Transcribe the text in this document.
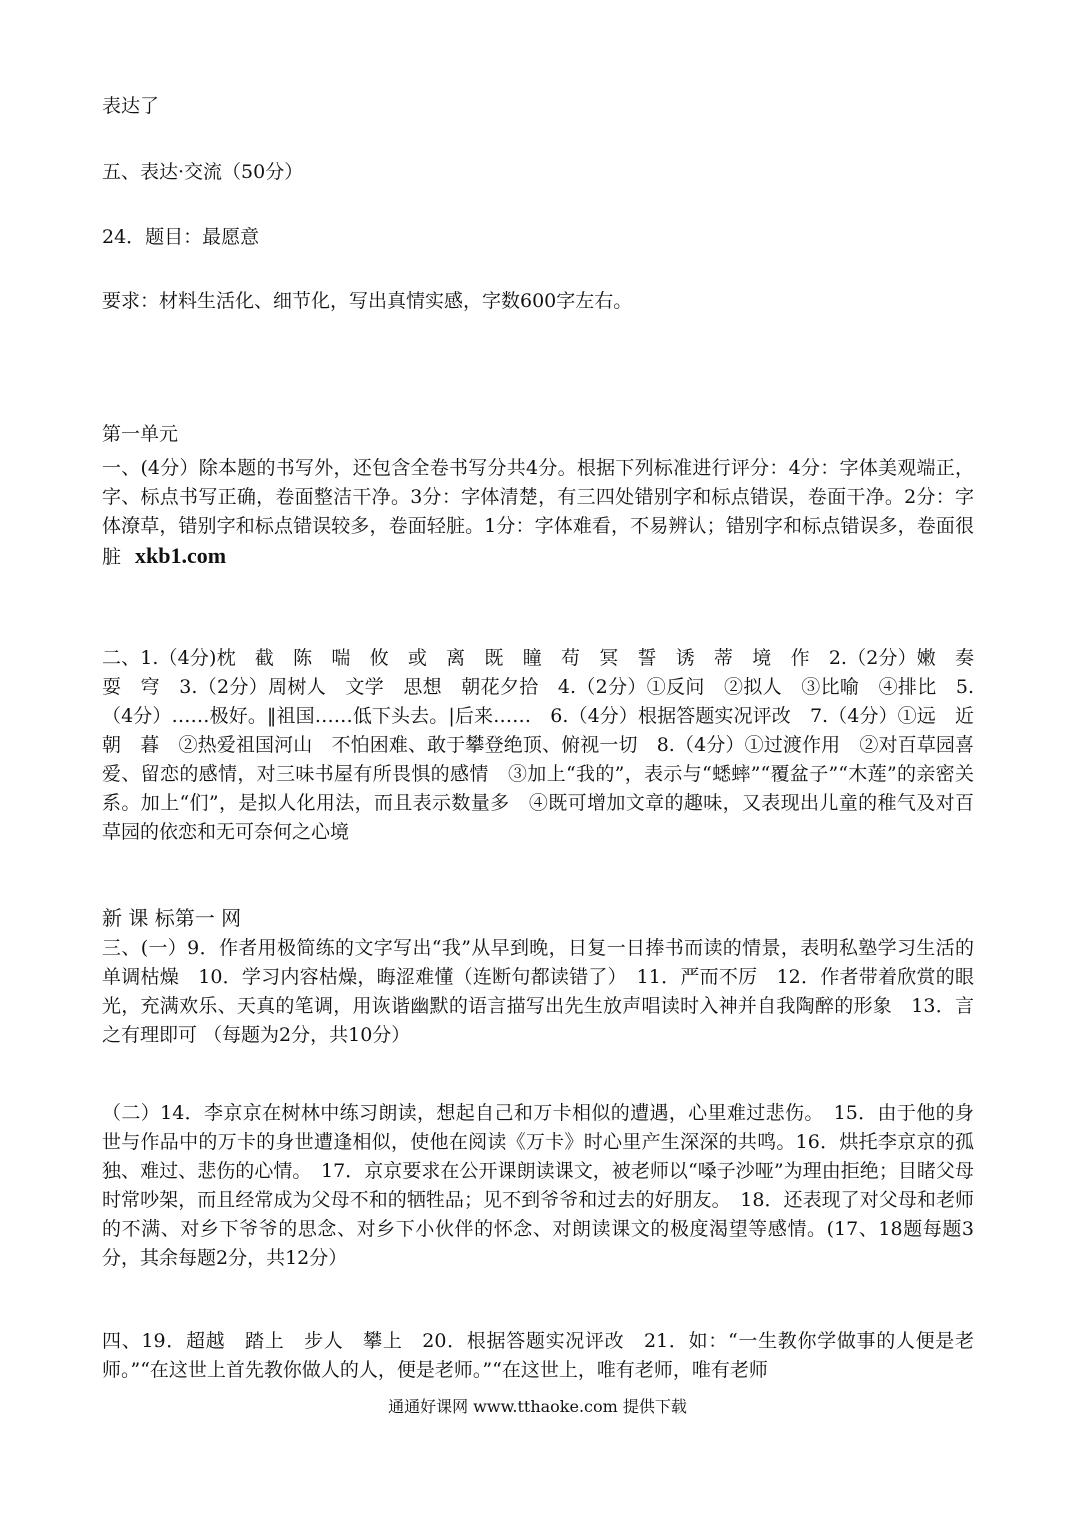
表达了
五、表达·交流（50分）
24．题目：最愿意
要求：材料生活化、细节化，写出真情实感，字数600字左右。
第一单元
一、(4分）除本题的书写外，还包含全卷书写分共4分。根据下列标准进行评分：4分：字体美观端正，字、标点书写正确，卷面整洁干净。3分：字体清楚，有三四处错别字和标点错误，卷面干净。2分：字体潦草，错别字和标点错误较多，卷面轻脏。1分：字体难看，不易辨认；错别字和标点错误多，卷面很脏 xkb1.com
二、1.（4分)枕　截　陈　喘　攸　或　离　既　瞳　苟　冥　誓　诱　蒂　境　作　2.（2分）嫩　奏　耍　穹　3.（2分）周树人　文学　思想　朝花夕拾　4.（2分）①反问　②拟人　③比喻　④排比　5.（4分）……极好。‖祖国……低下头去。|后来……　6.（4分）根据答题实况评改　7.（4分）①远　近　朝　暮　②热爱祖国河山　不怕困难、敢于攀登绝顶、俯视一切　8.（4分）①过渡作用　②对百草园喜爱、留恋的感情，对三味书屋有所畏惧的感情　③加上“我的”，表示与“蟋蟀”“覆盆子”“木莲”的亲密关系。加上“们”，是拟人化用法，而且表示数量多　④既可增加文章的趣味，又表现出儿童的稚气及对百草园的依恋和无可奈何之心境
新 课 标第一 网
三、(一）9．作者用极简练的文字写出“我”从早到晚，日复一日捧书而读的情景，表明私塾学习生活的单调枯燥　10．学习内容枯燥，晦涩难懂（连断句都读错了）　11．严而不厉　12．作者带着欣赏的眼光，充满欢乐、天真的笔调，用诙谐幽默的语言描写出先生放声唱读时入神并自我陶醉的形象　13．言之有理即可 （每题为2分，共10分）
（二）14．李京京在树林中练习朗读，想起自己和万卡相似的遭遇，心里难过悲伤。　15．由于他的身世与作品中的万卡的身世遭逢相似，使他在阅读《万卡》时心里产生深深的共鸣。16．烘托李京京的孤独、难过、悲伤的心情。　17．京京要求在公开课朗读课文，被老师以“嗓子沙哑”为理由拒绝；目睹父母时常吵架，而且经常成为父母不和的牺牲品；见不到爷爷和过去的好朋友。　18．还表现了对父母和老师的不满、对乡下爷爷的思念、对乡下小伙伴的怀念、对朗读课文的极度渴望等感情。(17、18题每题3分，其余每题2分，共12分）
四、19．超越　踏上　步人　攀上　20．根据答题实况评改　21．如：“一生教你学做事的人便是老师。”“在这世上首先教你做人的人，便是老师。”“在这世上，唯有老师，唯有老师
通通好课网 www.tthaoke.com 提供下载
